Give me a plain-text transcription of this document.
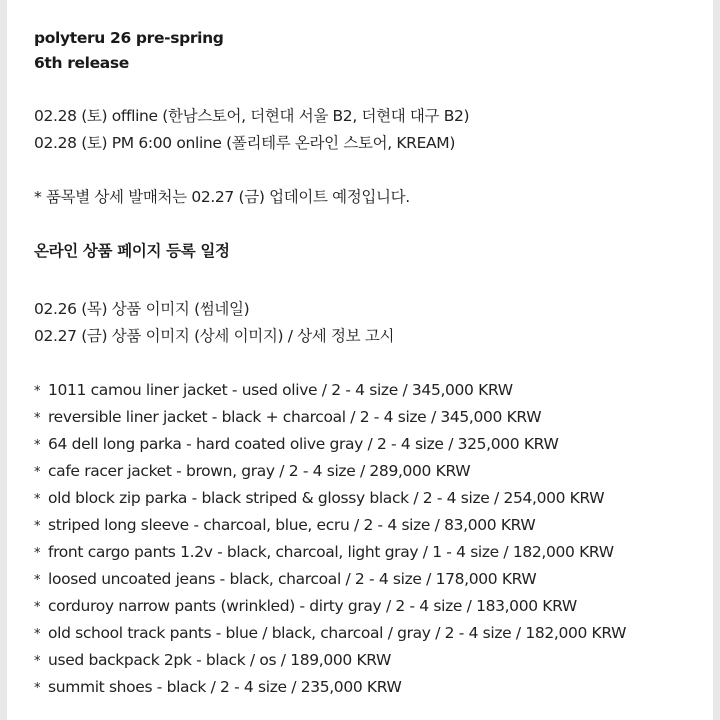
polyteru 26 pre-spring
6th release
02.28 (토) offline (한남스토어, 더현대 서울 B2, 더현대 대구 B2)
02.28 (토) PM 6:00 online (폴리테루 온라인 스토어, KREAM)
* 품목별 상세 발매처는 02.27 (금) 업데이트 예정입니다.
온라인 상품 페이지 등록 일정
02.26 (목) 상품 이미지 (썸네일)
02.27 (금) 상품 이미지 (상세 이미지) / 상세 정보 고시
* 1011 camou liner jacket - used olive / 2 - 4 size / 345,000 KRW
* reversible liner jacket - black + charcoal / 2 - 4 size / 345,000 KRW
* 64 dell long parka - hard coated olive gray / 2 - 4 size / 325,000 KRW
* cafe racer jacket - brown, gray / 2 - 4 size / 289,000 KRW
* old block zip parka - black striped & glossy black / 2 - 4 size / 254,000 KRW
* striped long sleeve - charcoal, blue, ecru / 2 - 4 size / 83,000 KRW
* front cargo pants 1.2v - black, charcoal, light gray / 1 - 4 size / 182,000 KRW
* loosed uncoated jeans - black, charcoal / 2 - 4 size / 178,000 KRW
* corduroy narrow pants (wrinkled) - dirty gray / 2 - 4 size / 183,000 KRW
* old school track pants - blue / black, charcoal / gray / 2 - 4 size / 182,000 KRW
* used backpack 2pk - black / os / 189,000 KRW
* summit shoes - black / 2 - 4 size / 235,000 KRW
